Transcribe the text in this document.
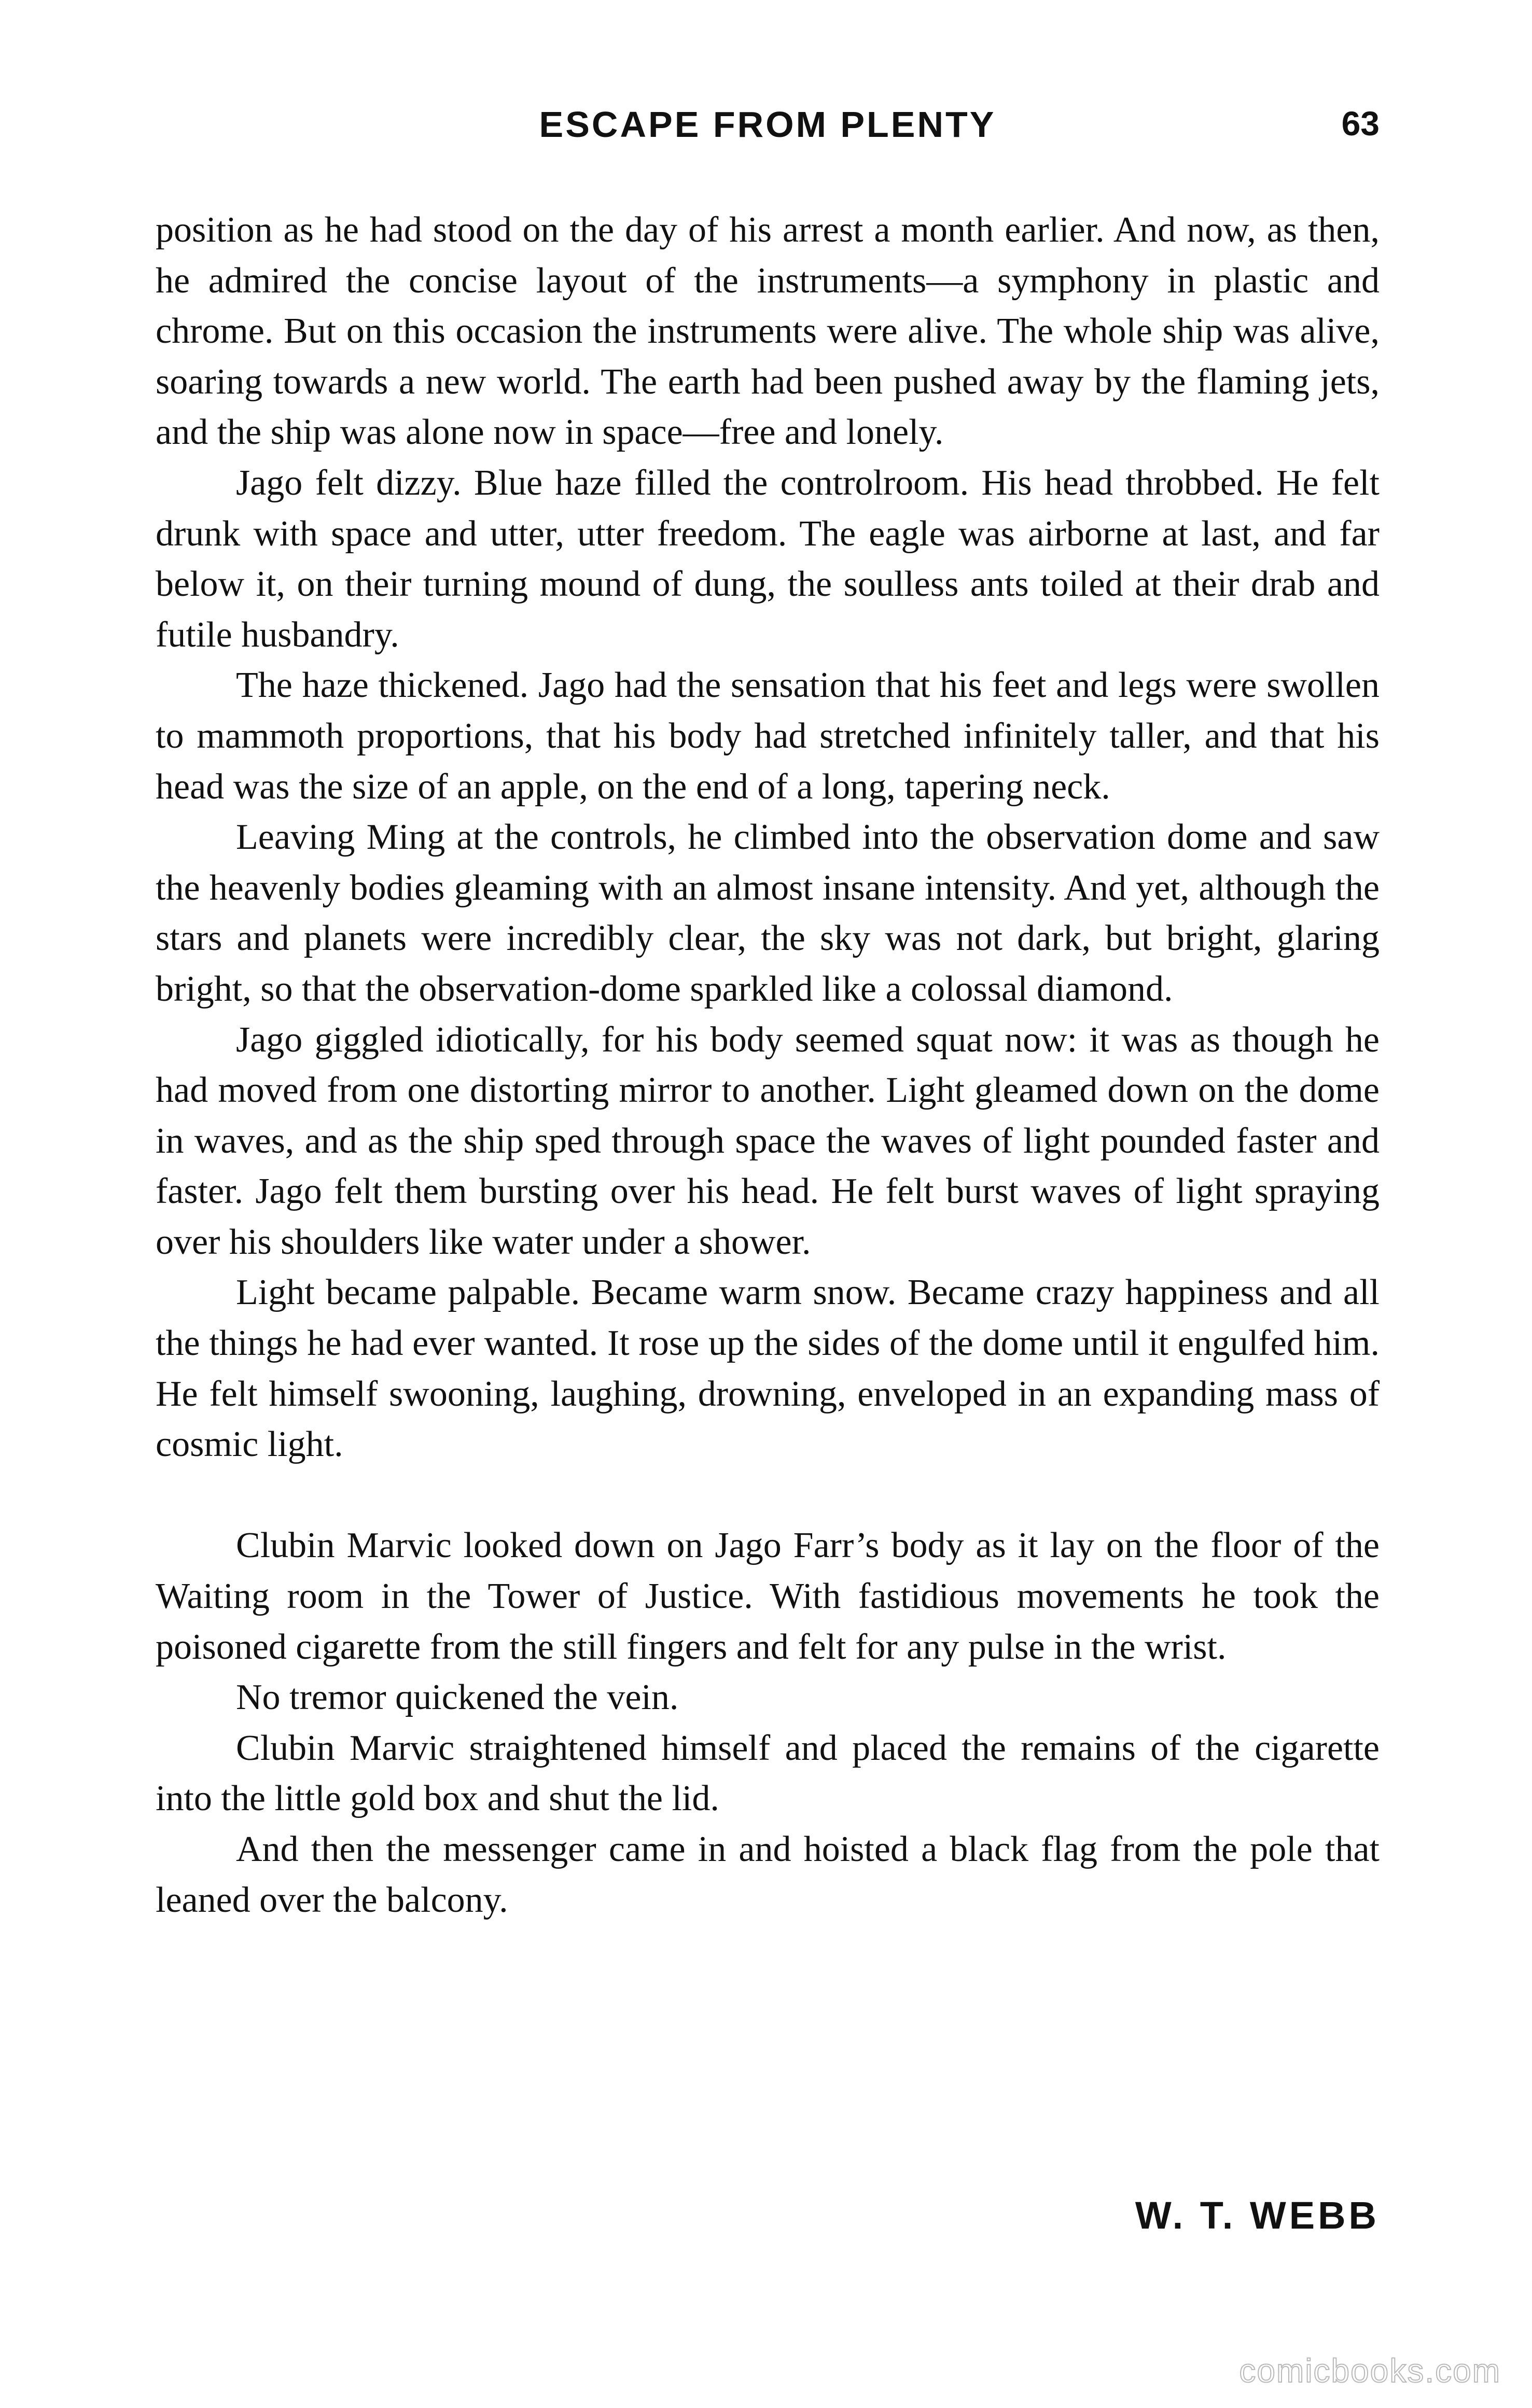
ESCAPE FROM PLENTY	63

position as he had stood on the day of his arrest a month earlier. And now, as then, he admired the concise layout of the instruments—a symphony in plastic and chrome. But on this occasion the instruments were alive. The whole ship was alive, soaring towards a new world. The earth had been pushed away by the flaming jets, and the ship was alone now in space—free and lonely.

Jago felt dizzy. Blue haze filled the controlroom. His head throbbed. He felt drunk with space and utter, utter freedom. The eagle was airborne at last, and far below it, on their turning mound of dung, the soulless ants toiled at their drab and futile husbandry.

The haze thickened. Jago had the sensation that his feet and legs were swollen to mammoth proportions, that his body had stretched infinitely taller, and that his head was the size of an apple, on the end of a long, tapering neck.

Leaving Ming at the controls, he climbed into the observation dome and saw the heavenly bodies gleaming with an almost insane intensity. And yet, although the stars and planets were incredibly clear, the sky was not dark, but bright, glaring bright, so that the observation-dome sparkled like a colossal diamond.

Jago giggled idiotically, for his body seemed squat now: it was as though he had moved from one distorting mirror to another. Light gleamed down on the dome in waves, and as the ship sped through space the waves of light pounded faster and faster. Jago felt them bursting over his head. He felt burst waves of light spraying over his shoulders like water under a shower.

Light became palpable. Became warm snow. Became crazy happiness and all the things he had ever wanted. It rose up the sides of the dome until it engulfed him. He felt himself swooning, laughing, drowning, enveloped in an expanding mass of cosmic light.

Clubin Marvic looked down on Jago Farr’s body as it lay on the floor of the Waiting room in the Tower of Justice. With fastidious movements he took the poisoned cigarette from the still fingers and felt for any pulse in the wrist.

No tremor quickened the vein.

Clubin Marvic straightened himself and placed the remains of the cigarette into the little gold box and shut the lid.

And then the messenger came in and hoisted a black flag from the pole that leaned over the balcony.

W. T. WEBB
comicbooks.com
